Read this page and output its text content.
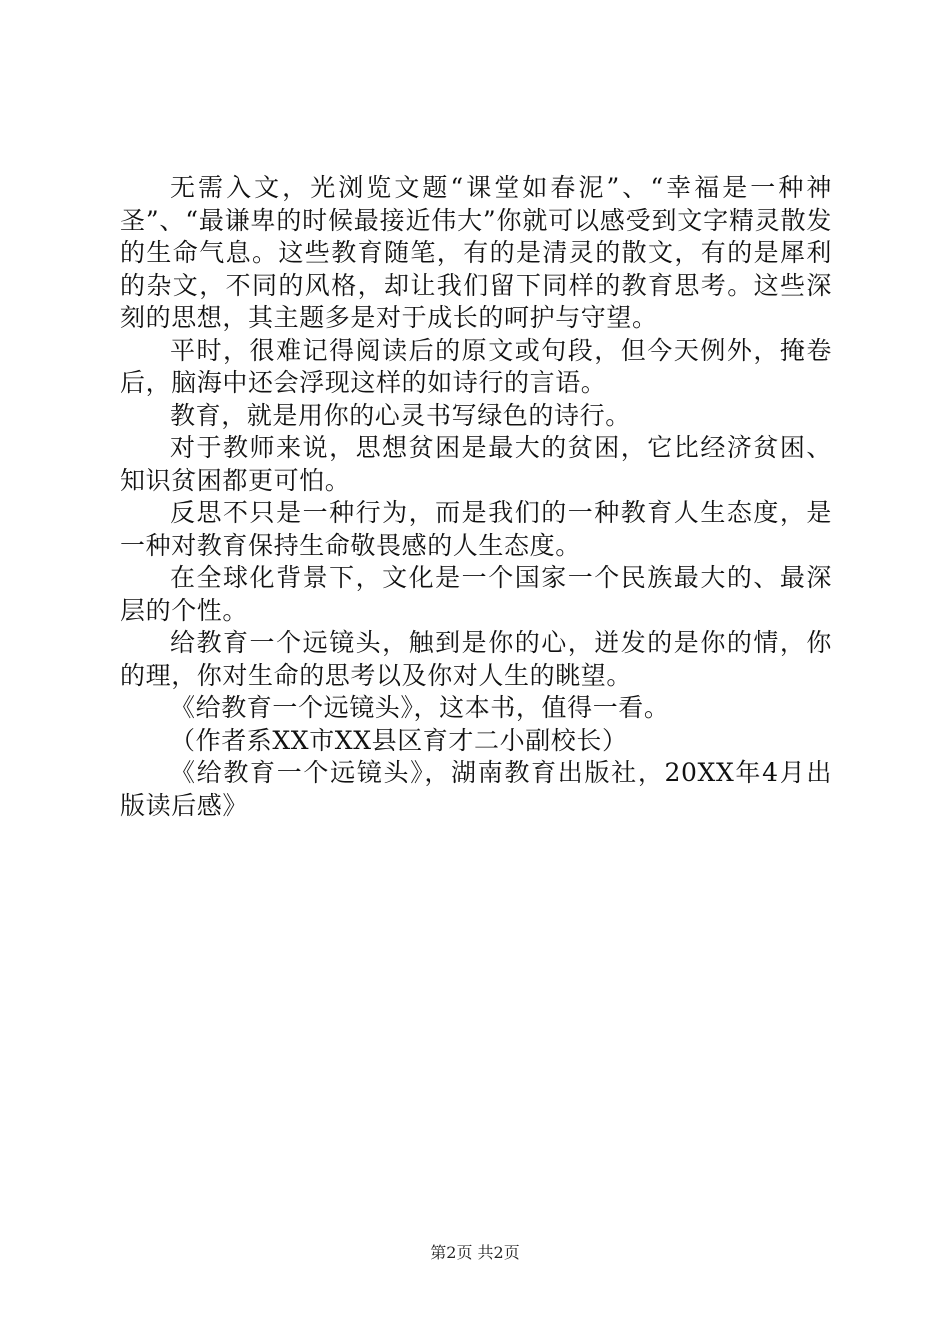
无需入文，光浏览文题“课堂如春泥”、“幸福是一种神圣”、“最谦卑的时候最接近伟大”你就可以感受到文字精灵散发的生命气息。这些教育随笔，有的是清灵的散文，有的是犀利的杂文，不同的风格，却让我们留下同样的教育思考。这些深刻的思想，其主题多是对于成长的呵护与守望。

平时，很难记得阅读后的原文或句段，但今天例外，掩卷后，脑海中还会浮现这样的如诗行的言语。

教育，就是用你的心灵书写绿色的诗行。

对于教师来说，思想贫困是最大的贫困，它比经济贫困、知识贫困都更可怕。

反思不只是一种行为，而是我们的一种教育人生态度，是一种对教育保持生命敬畏感的人生态度。

在全球化背景下，文化是一个国家一个民族最大的、最深层的个性。

给教育一个远镜头，触到是你的心，迸发的是你的情，你的理，你对生命的思考以及你对人生的眺望。

《给教育一个远镜头》，这本书，值得一看。

（作者系XX市XX县区育才二小副校长）

《给教育一个远镜头》，湖南教育出版社，20XX年4月出版读后感》

第2页 共2页
